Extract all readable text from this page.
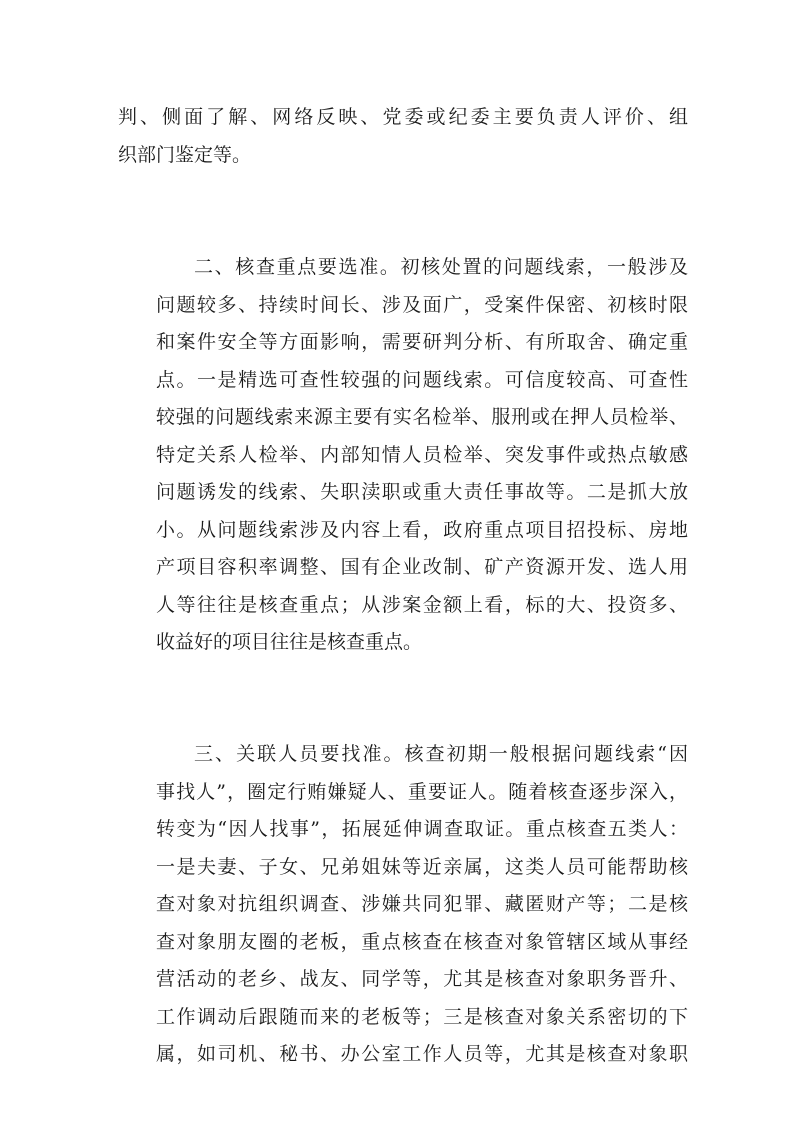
判、侧面了解、网络反映、党委或纪委主要负责人评价、组
织部门鉴定等。
二、核查重点要选准。初核处置的问题线索，一般涉及
问题较多、持续时间长、涉及面广，受案件保密、初核时限
和案件安全等方面影响，需要研判分析、有所取舍、确定重
点。一是精选可查性较强的问题线索。可信度较高、可查性
较强的问题线索来源主要有实名检举、服刑或在押人员检举、
特定关系人检举、内部知情人员检举、突发事件或热点敏感
问题诱发的线索、失职渎职或重大责任事故等。二是抓大放
小。从问题线索涉及内容上看，政府重点项目招投标、房地
产项目容积率调整、国有企业改制、矿产资源开发、选人用
人等往往是核查重点；从涉案金额上看，标的大、投资多、
收益好的项目往往是核查重点。
三、关联人员要找准。核查初期一般根据问题线索“因
事找人”，圈定行贿嫌疑人、重要证人。随着核查逐步深入，
转变为“因人找事”，拓展延伸调查取证。重点核查五类人：
一是夫妻、子女、兄弟姐妹等近亲属，这类人员可能帮助核
查对象对抗组织调查、涉嫌共同犯罪、藏匿财产等；二是核
查对象朋友圈的老板，重点核查在核查对象管辖区域从事经
营活动的老乡、战友、同学等，尤其是核查对象职务晋升、
工作调动后跟随而来的老板等；三是核查对象关系密切的下
属，如司机、秘书、办公室工作人员等，尤其是核查对象职
